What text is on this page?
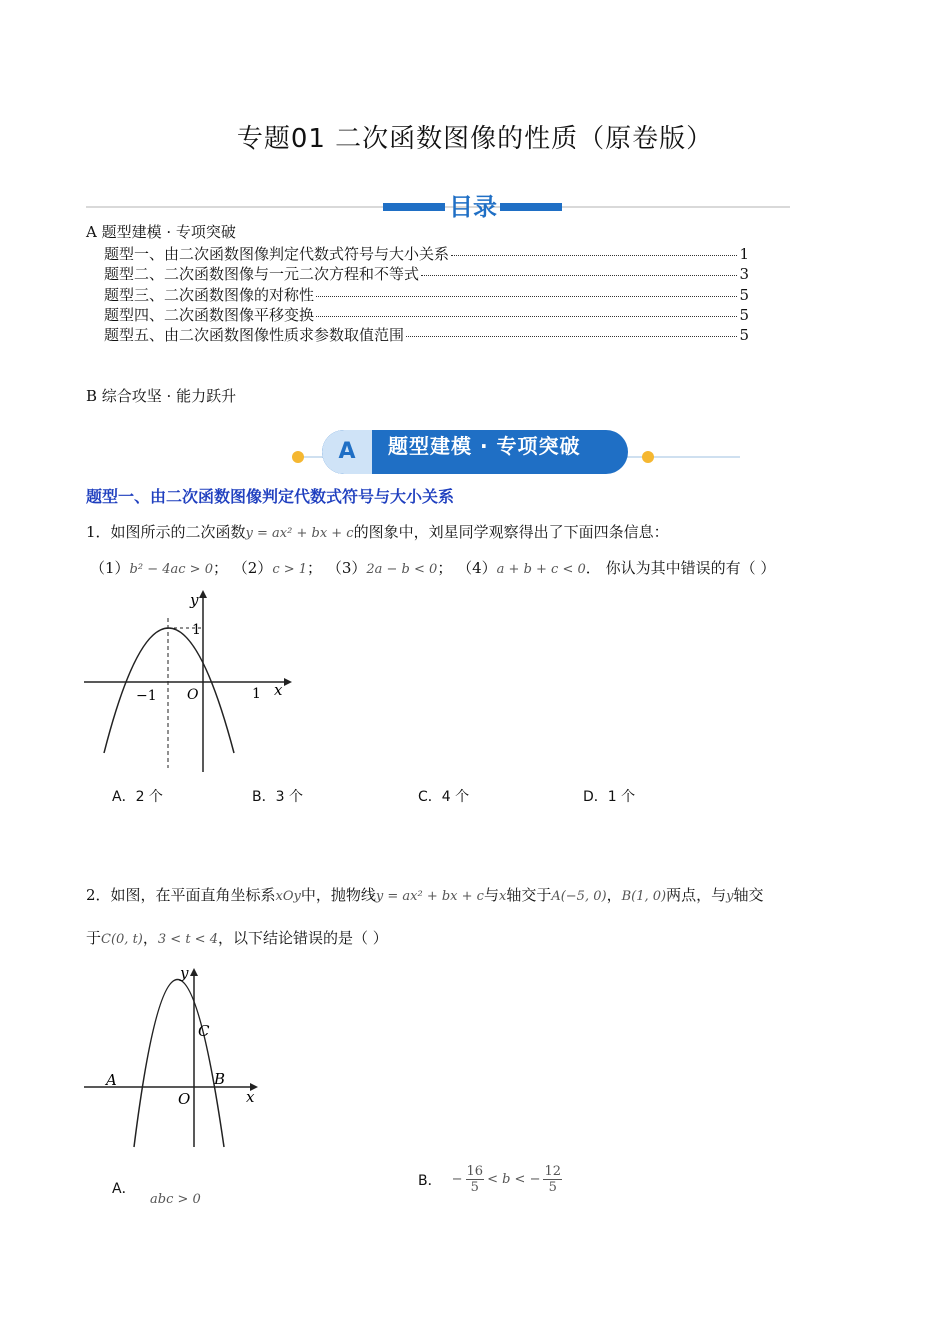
专题01 二次函数图像的性质（原卷版）
目录
A 题型建模 · 专项突破
题型一、由二次函数图像判定代数式符号与大小关系	1
题型二、二次函数图像与一元二次方程和不等式	3
题型三、二次函数图像的对称性	5
题型四、二次函数图像平移变换	5
题型五、由二次函数图像性质求参数取值范围	5
B 综合攻坚 · 能力跃升
A	题型建模 · 专项突破
题型一、由二次函数图像判定代数式符号与大小关系
1．如图所示的二次函数y = ax² + bx + c的图象中，刘星同学观察得出了下面四条信息：
（1）b² − 4ac > 0； （2）c > 1； （3）2a − b < 0； （4）a + b + c < 0． 你认为其中错误的有（ ）
y
1
−1 O	1 x
A．2 个	B．3 个	C．4 个	D．1 个
2．如图，在平面直角坐标系xOy中，抛物线y = ax² + bx + c与x轴交于A(−5, 0)，B(1, 0)两点，与y轴交
于C(0, t)，3 < t < 4，以下结论错误的是（ ）
y
C
A	B
O	x
A． abc > 0
B． − $\frac{16}{5} < b$ < − $\frac{12}{5}$
